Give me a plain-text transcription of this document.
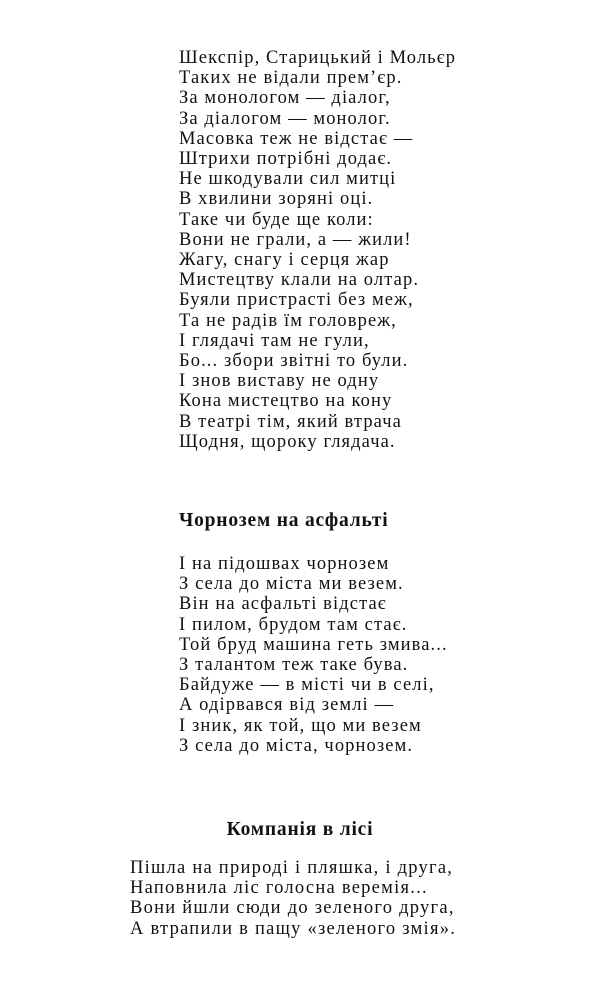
Шекспір, Старицький і Мольєр
Таких не відали прем’єр.
За монологом — діалог,
За діалогом — монолог.
Масовка теж не відстає —
Штрихи потрібні додає.
Не шкодували сил митці
В хвилини зоряні оці.
Таке чи буде ще коли:
Вони не грали, а — жили!
Жагу, снагу і серця жар
Мистецтву клали на олтар.
Буяли пристрасті без меж,
Та не радів їм головреж,
І глядачі там не гули,
Бо... збори звітні то були.
І знов виставу не одну
Кона мистецтво на кону
В театрі тім, який втрача
Щодня, щороку глядача.
Чорнозем на асфальті
І на підошвах чорнозем
З села до міста ми везем.
Він на асфальті відстає
І пилом, брудом там стає.
Той бруд машина геть змива...
З талантом теж таке бува.
Байдуже — в місті чи в селі,
А одірвався від землі —
І зник, як той, що ми везем
З села до міста, чорнозем.
Компанія в лісі
Пішла на природі і пляшка, і друга,
Наповнила ліс голосна веремія...
Вони йшли сюди до зеленого друга,
А втрапили в пащу «зеленого змія».
